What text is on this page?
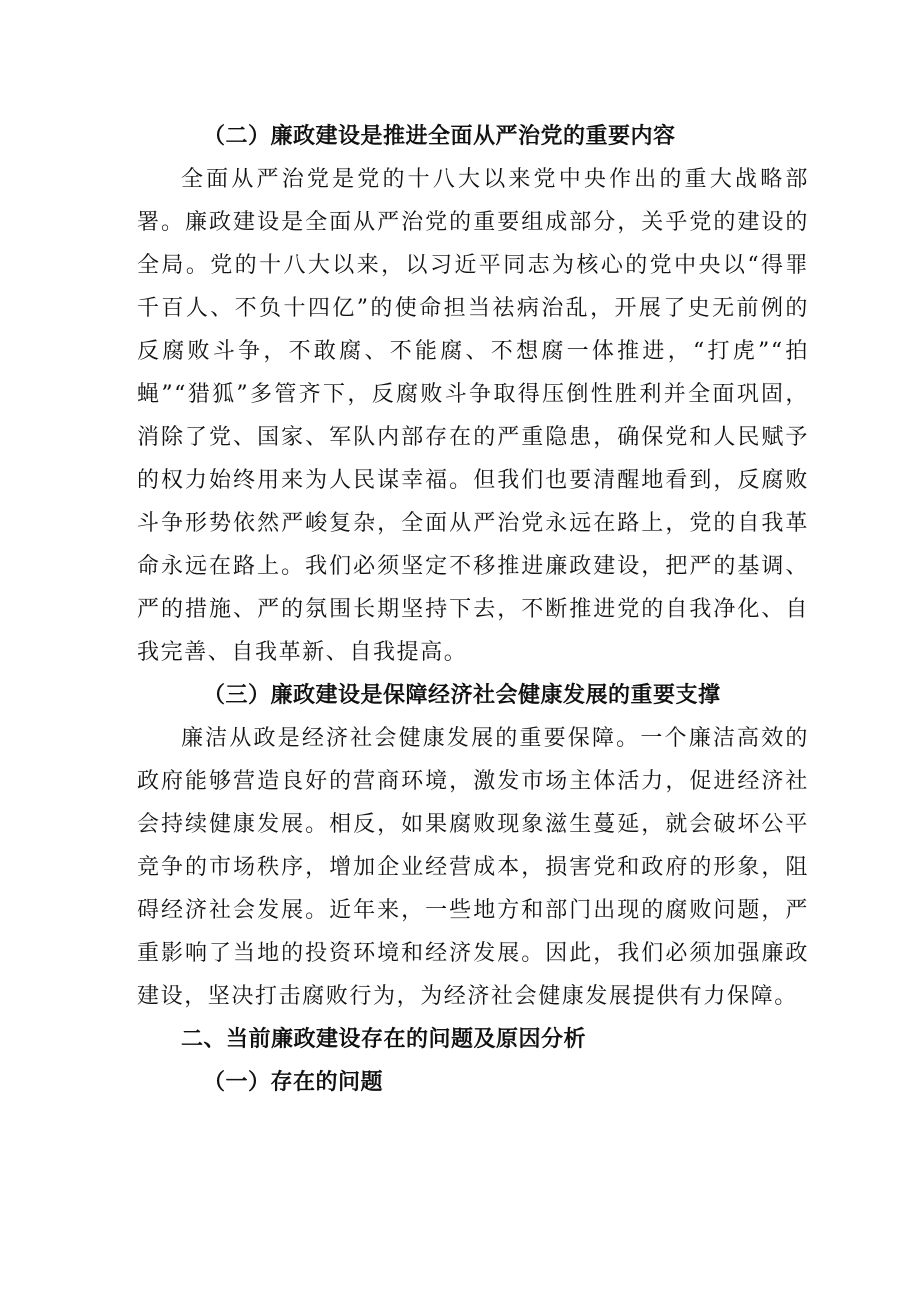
（二）廉政建设是推进全面从严治党的重要内容

全面从严治党是党的十八大以来党中央作出的重大战略部署。廉政建设是全面从严治党的重要组成部分，关乎党的建设的全局。党的十八大以来，以习近平同志为核心的党中央以“得罪千百人、不负十四亿”的使命担当祛病治乱，开展了史无前例的反腐败斗争，不敢腐、不能腐、不想腐一体推进，“打虎”“拍蝇”“猎狐”多管齐下，反腐败斗争取得压倒性胜利并全面巩固，消除了党、国家、军队内部存在的严重隐患，确保党和人民赋予的权力始终用来为人民谋幸福。但我们也要清醒地看到，反腐败斗争形势依然严峻复杂，全面从严治党永远在路上，党的自我革命永远在路上。我们必须坚定不移推进廉政建设，把严的基调、严的措施、严的氛围长期坚持下去，不断推进党的自我净化、自我完善、自我革新、自我提高。

（三）廉政建设是保障经济社会健康发展的重要支撑

廉洁从政是经济社会健康发展的重要保障。一个廉洁高效的政府能够营造良好的营商环境，激发市场主体活力，促进经济社会持续健康发展。相反，如果腐败现象滋生蔓延，就会破坏公平竞争的市场秩序，增加企业经营成本，损害党和政府的形象，阻碍经济社会发展。近年来，一些地方和部门出现的腐败问题，严重影响了当地的投资环境和经济发展。因此，我们必须加强廉政建设，坚决打击腐败行为，为经济社会健康发展提供有力保障。

二、当前廉政建设存在的问题及原因分析

（一）存在的问题
